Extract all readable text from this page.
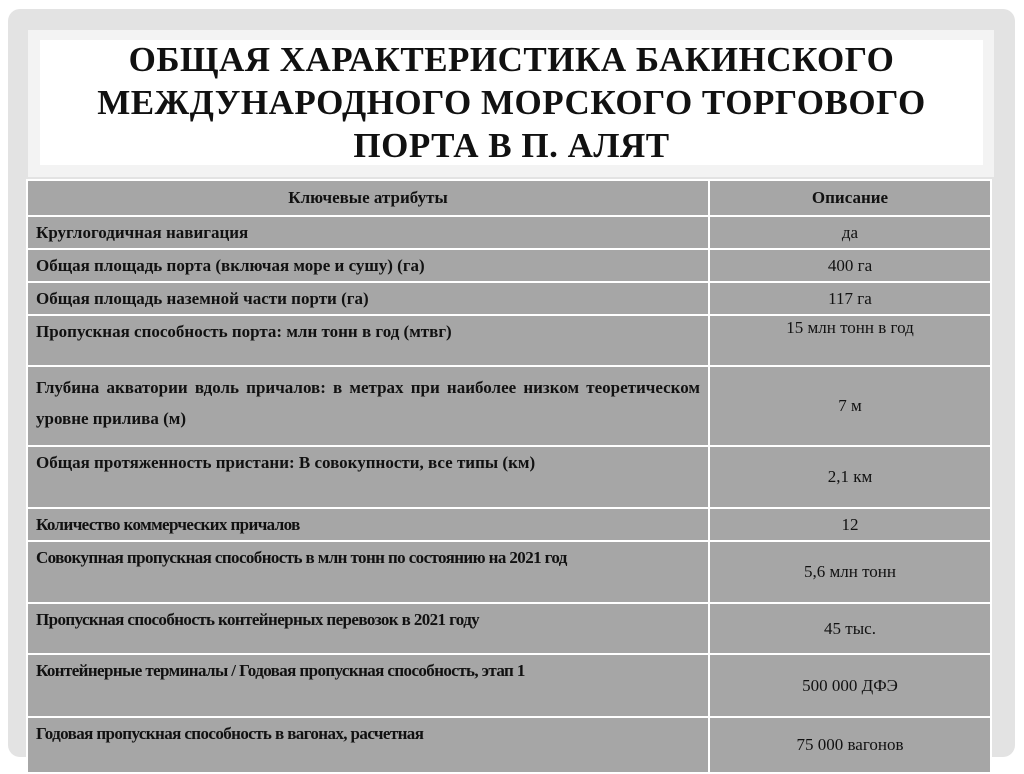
ОБЩАЯ ХАРАКТЕРИСТИКА БАКИНСКОГО МЕЖДУНАРОДНОГО МОРСКОГО ТОРГОВОГО ПОРТА В П. АЛЯТ
Ключевые атрибуты	Описание
Круглогодичная навигация	да
Общая площадь порта (включая море и сушу) (га)	400 га
Общая площадь наземной части порти (га)	117 га
Пропускная способность порта: млн тонн в год (мтвг)	15 млн тонн в год
Глубина акватории вдоль причалов: в метрах при наиболее низком теоретическом уровне прилива (м)	7 м
Общая протяженность пристани: В совокупности, все типы (км)	2,1 км
Количество коммерческих причалов	12
Совокупная пропускная способность в млн тонн по состоянию на 2021 год	5,6 млн тонн
Пропускная способность контейнерных перевозок в 2021 году	45 тыс.
Контейнерные терминалы / Годовая пропускная способность, этап 1	500 000 ДФЭ
Годовая пропускная способность в вагонах, расчетная	75 000 вагонов
